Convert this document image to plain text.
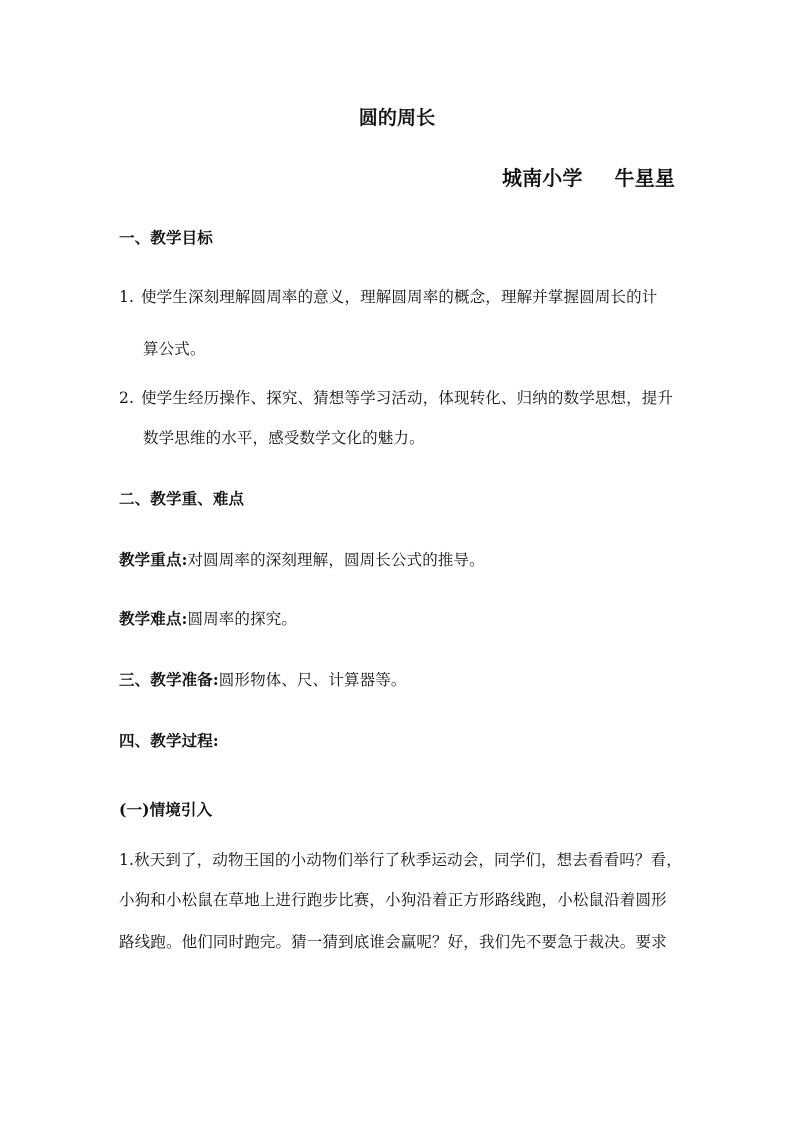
圆的周长
城南小学 牛星星
一、教学目标
1. 使学生深刻理解圆周率的意义，理解圆周率的概念，理解并掌握圆周长的计
算公式。
2. 使学生经历操作、探究、猜想等学习活动，体现转化、归纳的数学思想，提升
数学思维的水平，感受数学文化的魅力。
二、教学重、难点
教学重点:对圆周率的深刻理解，圆周长公式的推导。
教学难点:圆周率的探究。
三、教学准备:圆形物体、尺、计算器等。
四、教学过程:
(一)情境引入
1.秋天到了，动物王国的小动物们举行了秋季运动会，同学们，想去看看吗？看，
小狗和小松鼠在草地上进行跑步比赛，小狗沿着正方形路线跑，小松鼠沿着圆形
路线跑。他们同时跑完。猜一猜到底谁会赢呢？好，我们先不要急于裁决。要求
